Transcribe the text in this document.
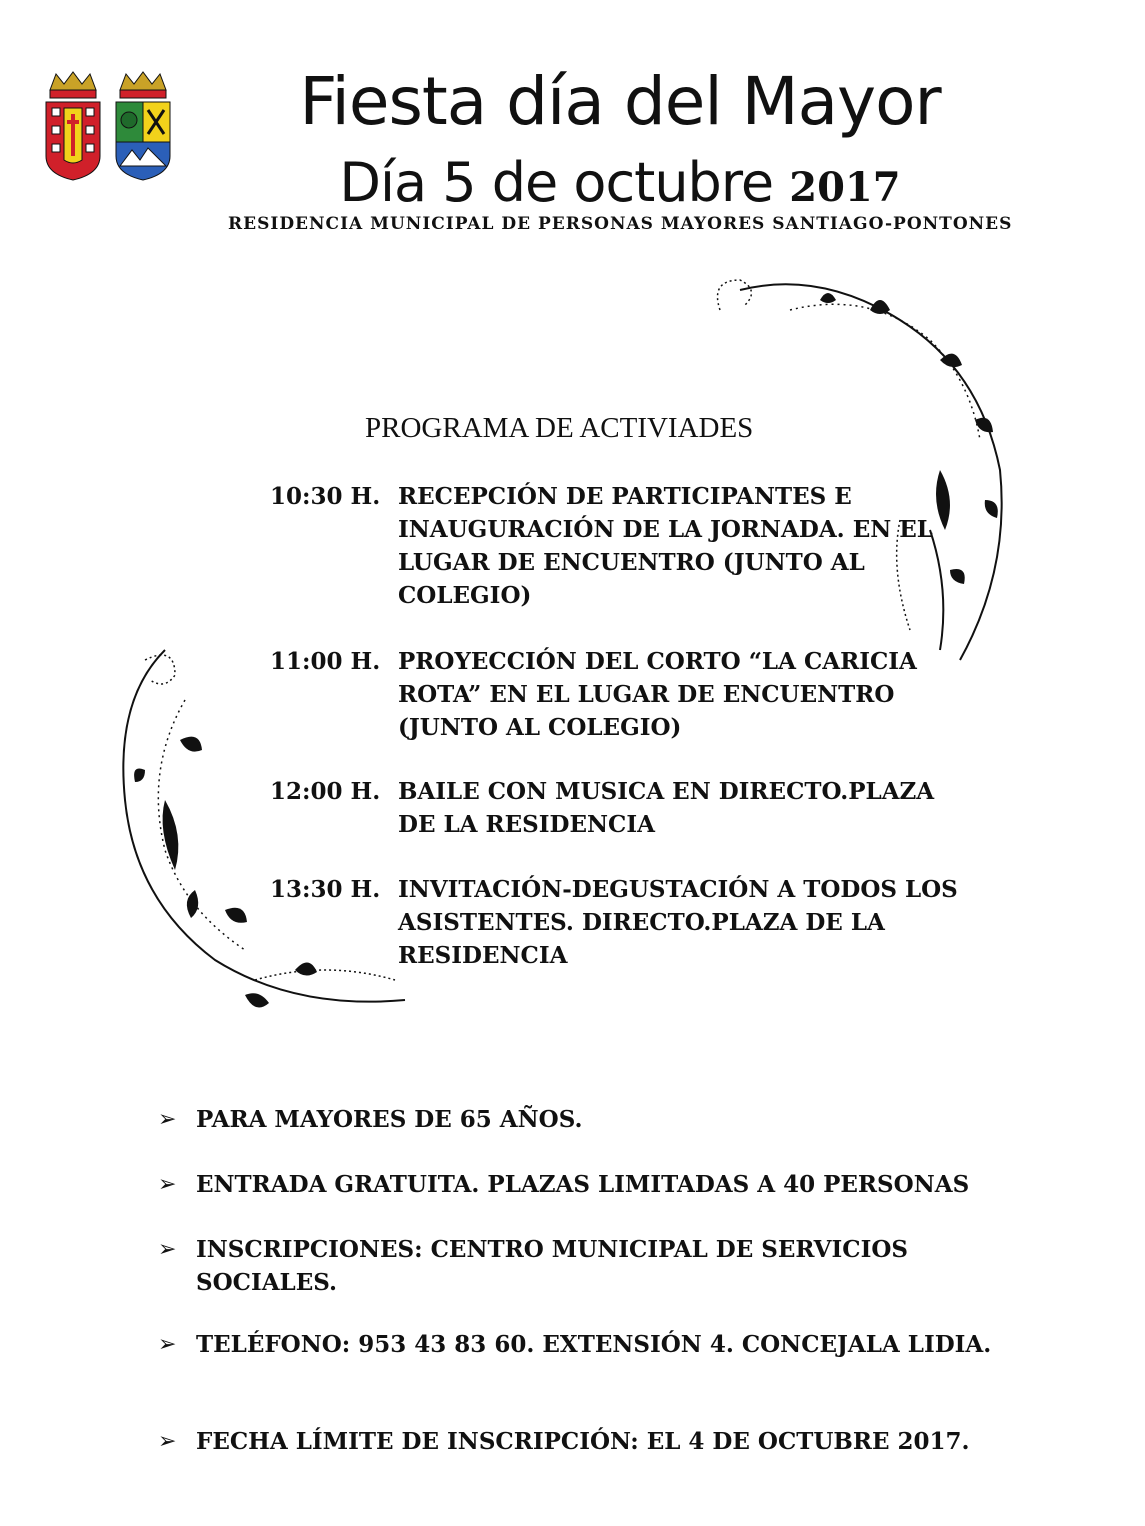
Fiesta día del Mayor
Día 5 de octubre 2017
RESIDENCIA MUNICIPAL DE PERSONAS MAYORES SANTIAGO-PONTONES
PROGRAMA DE ACTIVIADES
10:30 H. RECEPCIÓN DE PARTICIPANTES E INAUGURACIÓN DE LA JORNADA. EN EL LUGAR DE ENCUENTRO (JUNTO AL COLEGIO)
11:00 H. PROYECCIÓN DEL CORTO “LA CARICIA ROTA” EN EL LUGAR DE ENCUENTRO (JUNTO AL COLEGIO)
12:00 H. BAILE CON MUSICA EN DIRECTO.PLAZA DE LA RESIDENCIA
13:30 H. INVITACIÓN-DEGUSTACIÓN A TODOS LOS ASISTENTES. DIRECTO.PLAZA DE LA RESIDENCIA
➢ PARA MAYORES DE 65 AÑOS.
➢ ENTRADA GRATUITA. PLAZAS LIMITADAS A 40 PERSONAS
➢ INSCRIPCIONES: CENTRO MUNICIPAL DE SERVICIOS SOCIALES.
➢ TELÉFONO: 953 43 83 60. EXTENSIÓN 4. CONCEJALA LIDIA.
➢ FECHA LÍMITE DE INSCRIPCIÓN: EL 4 DE OCTUBRE 2017.
